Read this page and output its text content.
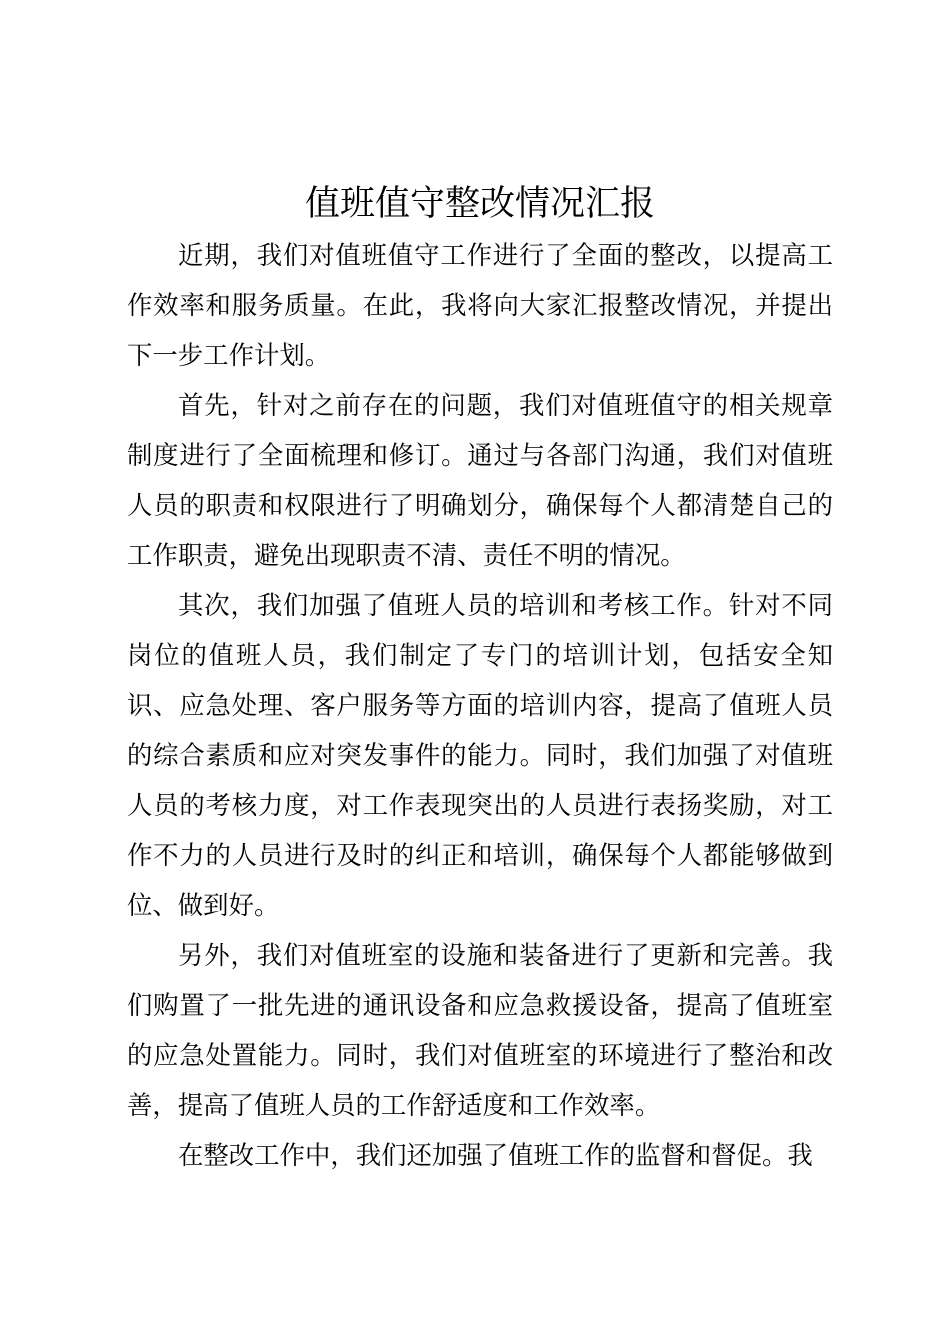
值班值守整改情况汇报

近期，我们对值班值守工作进行了全面的整改，以提高工作效率和服务质量。在此，我将向大家汇报整改情况，并提出下一步工作计划。

首先，针对之前存在的问题，我们对值班值守的相关规章制度进行了全面梳理和修订。通过与各部门沟通，我们对值班人员的职责和权限进行了明确划分，确保每个人都清楚自己的工作职责，避免出现职责不清、责任不明的情况。

其次，我们加强了值班人员的培训和考核工作。针对不同岗位的值班人员，我们制定了专门的培训计划，包括安全知识、应急处理、客户服务等方面的培训内容，提高了值班人员的综合素质和应对突发事件的能力。同时，我们加强了对值班人员的考核力度，对工作表现突出的人员进行表扬奖励，对工作不力的人员进行及时的纠正和培训，确保每个人都能够做到位、做到好。

另外，我们对值班室的设施和装备进行了更新和完善。我们购置了一批先进的通讯设备和应急救援设备，提高了值班室的应急处置能力。同时，我们对值班室的环境进行了整治和改善，提高了值班人员的工作舒适度和工作效率。

在整改工作中，我们还加强了值班工作的监督和督促。我
